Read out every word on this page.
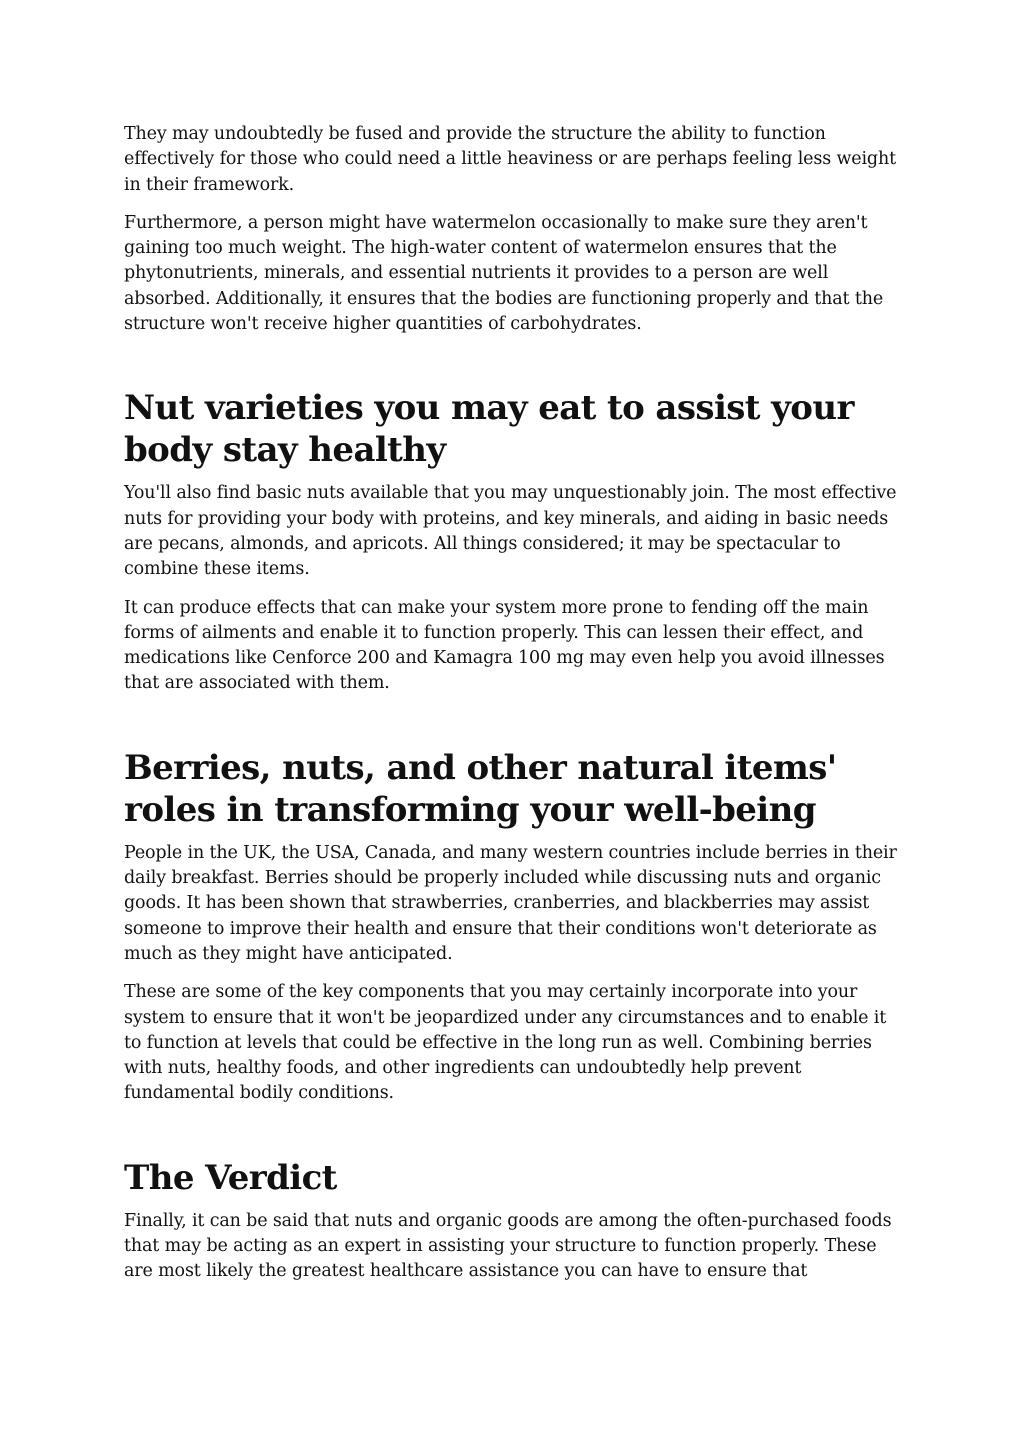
They may undoubtedly be fused and provide the structure the ability to function effectively for those who could need a little heaviness or are perhaps feeling less weight in their framework.

Furthermore, a person might have watermelon occasionally to make sure they aren't gaining too much weight. The high-water content of watermelon ensures that the phytonutrients, minerals, and essential nutrients it provides to a person are well absorbed. Additionally, it ensures that the bodies are functioning properly and that the structure won't receive higher quantities of carbohydrates.

Nut varieties you may eat to assist your body stay healthy

You'll also find basic nuts available that you may unquestionably join. The most effective nuts for providing your body with proteins, and key minerals, and aiding in basic needs are pecans, almonds, and apricots. All things considered; it may be spectacular to combine these items.

It can produce effects that can make your system more prone to fending off the main forms of ailments and enable it to function properly. This can lessen their effect, and medications like Cenforce 200 and Kamagra 100 mg may even help you avoid illnesses that are associated with them.

Berries, nuts, and other natural items' roles in transforming your well-being

People in the UK, the USA, Canada, and many western countries include berries in their daily breakfast. Berries should be properly included while discussing nuts and organic goods. It has been shown that strawberries, cranberries, and blackberries may assist someone to improve their health and ensure that their conditions won't deteriorate as much as they might have anticipated.

These are some of the key components that you may certainly incorporate into your system to ensure that it won't be jeopardized under any circumstances and to enable it to function at levels that could be effective in the long run as well. Combining berries with nuts, healthy foods, and other ingredients can undoubtedly help prevent fundamental bodily conditions.

The Verdict

Finally, it can be said that nuts and organic goods are among the often-purchased foods that may be acting as an expert in assisting your structure to function properly. These are most likely the greatest healthcare assistance you can have to ensure that
